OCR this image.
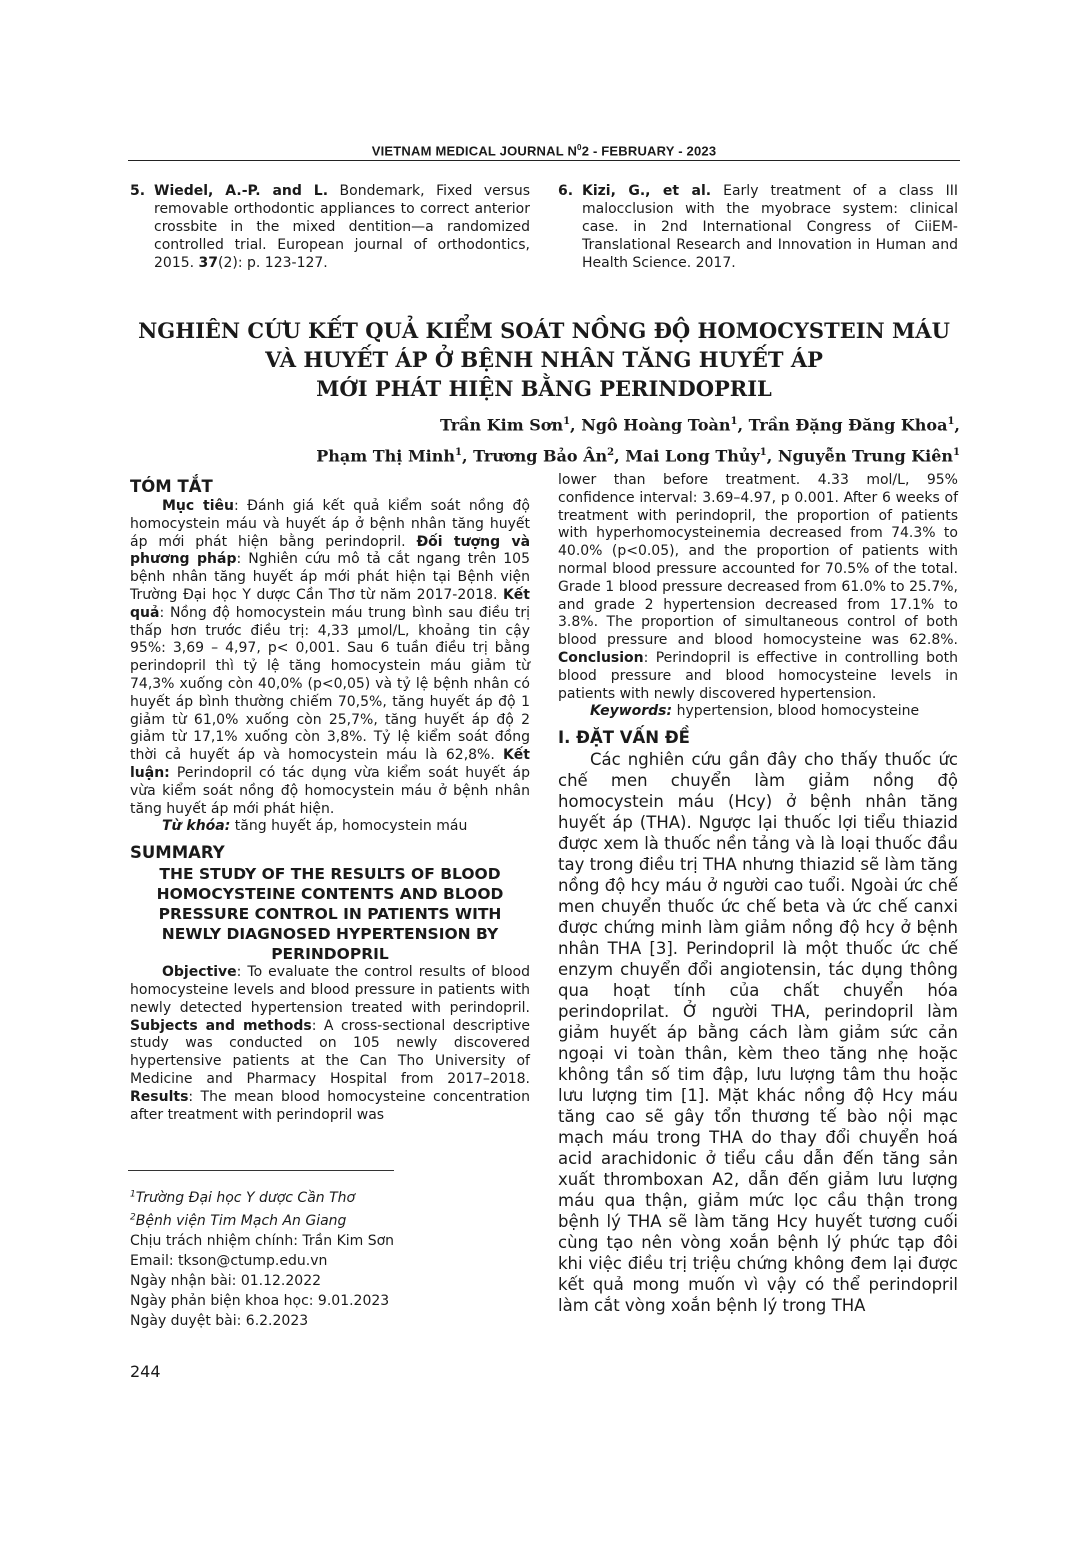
VIETNAM MEDICAL JOURNAL $N^02$ - FEBRUARY - 2023
5. Wiedel, A.-P. and L. Bondemark, Fixed versus removable orthodontic appliances to correct anterior crossbite in the mixed dentition—a randomized controlled trial. European journal of orthodontics, 2015. 37(2): p. 123-127.
6. Kizi, G., et al. Early treatment of a class III malocclusion with the myobrace system: clinical case. in 2nd International Congress of CiiEM- Translational Research and Innovation in Human and Health Science. 2017.
NGHIÊN CỨU KẾT QUẢ KIỂM SOÁT NỒNG ĐỘ HOMOCYSTEIN MÁU
VÀ HUYẾT ÁP Ở BỆNH NHÂN TĂNG HUYẾT ÁP
MỚI PHÁT HIỆN BẰNG PERINDOPRIL
Trần Kim Sơn$^1$, Ngô Hoàng Toàn$^1$, Trần Đặng Đăng Khoa$^1$,
Phạm Thị Minh$^1$, Trương Bảo $Ân^2$, Mai Long Thủy$^1$, Nguyễn Trung Kiên$^1$

TÓM TẮT

Mục tiêu: Đánh giá kết quả kiểm soát nồng độ homocystein máu và huyết áp ở bệnh nhân tăng huyết áp mới phát hiện bằng perindopril. Đối tượng và phương pháp: Nghiên cứu mô tả cắt ngang trên 105 bệnh nhân tăng huyết áp mới phát hiện tại Bệnh viện Trường Đại học Y dược Cần Thơ từ năm 2017-2018. Kết quả: Nồng độ homocystein máu trung bình sau điều trị thấp hơn trước điều trị: 4,33 µmol/L, khoảng tin cậy 95%: 3,69 – 4,97, p< 0,001. Sau 6 tuần điều trị bằng perindopril thì tỷ lệ tăng homocystein máu giảm từ 74,3% xuống còn 40,0% (p<0,05) và tỷ lệ bệnh nhân có huyết áp bình thường chiếm 70,5%, tăng huyết áp độ 1 giảm từ 61,0% xuống còn 25,7%, tăng huyết áp độ 2 giảm từ 17,1% xuống còn 3,8%. Tỷ lệ kiểm soát đồng thời cả huyết áp và homocystein máu là 62,8%. Kết luận: Perindopril có tác dụng vừa kiểm soát huyết áp vừa kiểm soát nồng độ homocystein máu ở bệnh nhân tăng huyết áp mới phát hiện.

Từ khóa: tăng huyết áp, homocystein máu

SUMMARY

THE STUDY OF THE RESULTS OF BLOOD HOMOCYSTEINE CONTENTS AND BLOOD PRESSURE CONTROL IN PATIENTS WITH NEWLY DIAGNOSED HYPERTENSION BY PERINDOPRIL

Objective: To evaluate the control results of blood homocysteine levels and blood pressure in patients with newly detected hypertension treated with perindopril. Subjects and methods: A cross-sectional descriptive study was conducted on 105 newly discovered hypertensive patients at the Can Tho University of Medicine and Pharmacy Hospital from 2017–2018. Results: The mean blood homocysteine concentration after treatment with perindopril was

lower than before treatment. 4.33 mol/L, 95% confidence interval: 3.69–4.97, p 0.001. After 6 weeks of treatment with perindopril, the proportion of patients with hyperhomocysteinemia decreased from 74.3% to 40.0% (p<0.05), and the proportion of patients with normal blood pressure accounted for 70.5% of the total. Grade 1 blood pressure decreased from 61.0% to 25.7%, and grade 2 hypertension decreased from 17.1% to 3.8%. The proportion of simultaneous control of both blood pressure and blood homocysteine was 62.8%. Conclusion: Perindopril is effective in controlling both blood pressure and blood homocysteine levels in patients with newly discovered hypertension.

Keywords: hypertension, blood homocysteine

I. ĐẶT VẤN ĐỀ

Các nghiên cứu gần đây cho thấy thuốc ức chế men chuyển làm giảm nồng độ homocystein máu (Hcy) ở bệnh nhân tăng huyết áp (THA). Ngược lại thuốc lợi tiểu thiazid được xem là thuốc nền tảng và là loại thuốc đầu tay trong điều trị THA nhưng thiazid sẽ làm tăng nồng độ hcy máu ở người cao tuổi. Ngoài ức chế men chuyển thuốc ức chế beta và ức chế canxi được chứng minh làm giảm nồng độ hcy ở bệnh nhân THA [3]. Perindopril là một thuốc ức chế enzym chuyển đổi angiotensin, tác dụng thông qua hoạt tính của chất chuyển hóa perindoprilat. Ở người THA, perindopril làm giảm huyết áp bằng cách làm giảm sức cản ngoại vi toàn thân, kèm theo tăng nhẹ hoặc không tần số tim đập, lưu lượng tâm thu hoặc lưu lượng tim [1]. Mặt khác nồng độ Hcy máu tăng cao sẽ gây tổn thương tế bào nội mạc mạch máu trong THA do thay đổi chuyển hoá acid arachidonic ở tiểu cầu dẫn đến tăng sản xuất thromboxan A2, dẫn đến giảm lưu lượng máu qua thận, giảm mức lọc cầu thận trong bệnh lý THA sẽ làm tăng Hcy huyết tương cuối cùng tạo nên vòng xoắn bệnh lý phức tạp đôi khi việc điều trị triệu chứng không đem lại được kết quả mong muốn vì vậy có thể perindopril làm cắt vòng xoắn bệnh lý trong THA

$^1$Trường Đại học Y dược Cần Thơ
$^2$Bệnh viện Tim Mạch An Giang
Chịu trách nhiệm chính: Trần Kim Sơn
Email: tkson@ctump.edu.vn
Ngày nhận bài: 01.12.2022
Ngày phản biện khoa học: 9.01.2023
Ngày duyệt bài: 6.2.2023
244
